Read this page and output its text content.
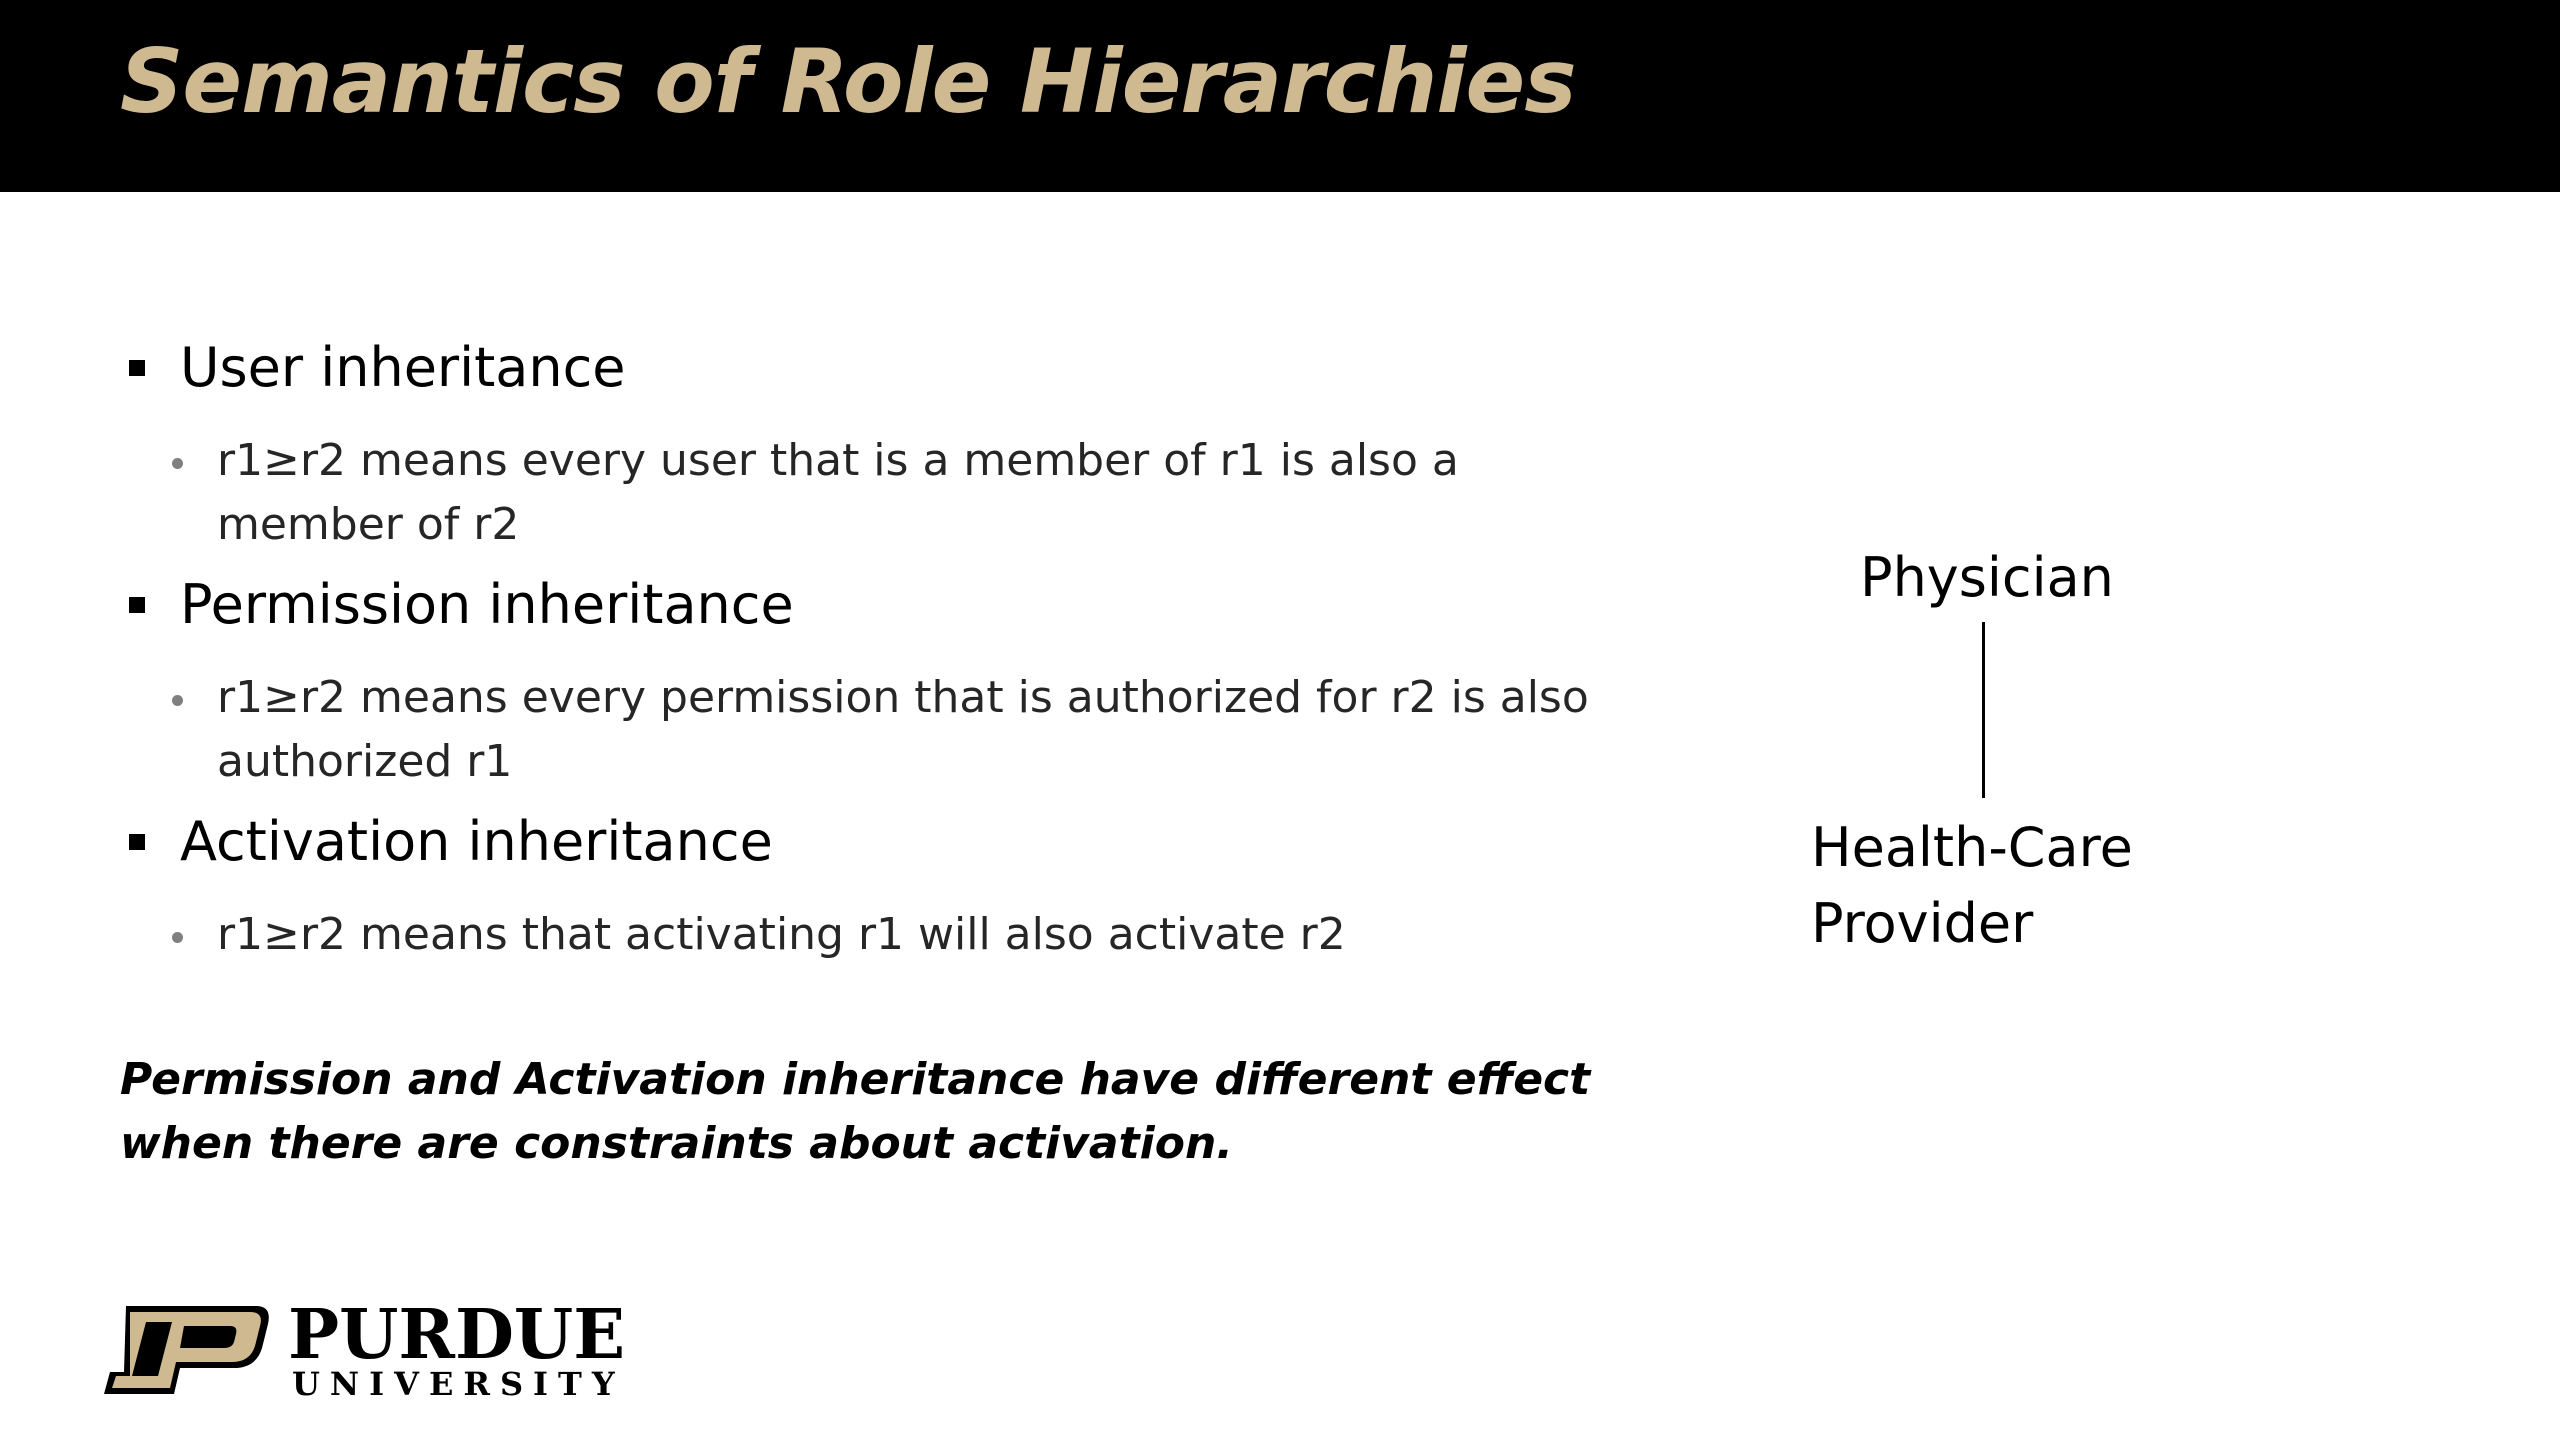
Semantics of Role Hierarchies
User inheritance
r1≥r2 means every user that is a member of r1 is also a member of r2
Permission inheritance
r1≥r2 means every permission that is authorized for r2 is also authorized r1
Activation inheritance
r1≥r2 means that activating r1 will also activate r2

Permission and Activation inheritance have different effect when there are constraints about activation.

Physician
Health-Care Provider
PURDUE
UNIVERSITY
